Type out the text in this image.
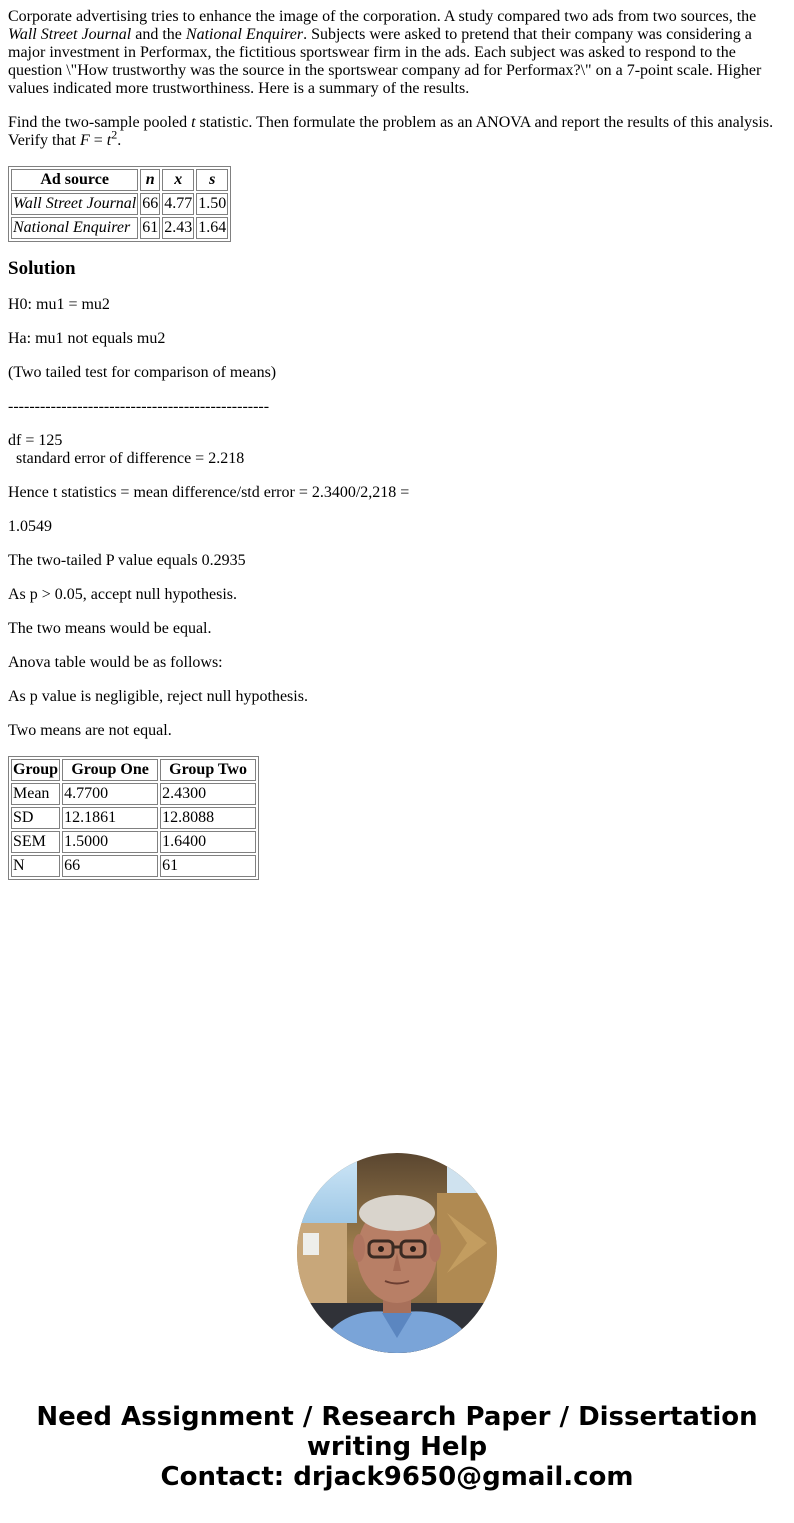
Corporate advertising tries to enhance the image of the corporation. A study compared two ads from two sources, the Wall Street Journal and the National Enquirer. Subjects were asked to pretend that their company was considering a major investment in Performax, the fictitious sportswear firm in the ads. Each subject was asked to respond to the question \"How trustworthy was the source in the sportswear company ad for Performax?\" on a 7-point scale. Higher values indicated more trustworthiness. Here is a summary of the results.

Find the two-sample pooled t statistic. Then formulate the problem as an ANOVA and report the results of this analysis. Verify that $F = t^2$.

Ad source	n	x	s
Wall Street Journal	66	4.77	1.50
National Enquirer	61	2.43	1.64
Solution

H0: mu1 = mu2

Ha: mu1 not equals mu2

(Two tailed test for comparison of means)

-------------------------------------------------

df = 125
standard error of difference = 2.218

Hence t statistics = mean difference/std error = 2.3400/2,218 =

1.0549

The two-tailed P value equals 0.2935

As p > 0.05, accept null hypothesis.

The two means would be equal.

Anova table would be as follows:

As p value is negligible, reject null hypothesis.

Two means are not equal.

Group	Group One	Group Two
Mean	4.7700	2.4300
SD	12.1861	12.8088
SEM	1.5000	1.6400
N	66	61
Need Assignment / Research Paper / Dissertation
writing Help
Contact: drjack9650@gmail.com
